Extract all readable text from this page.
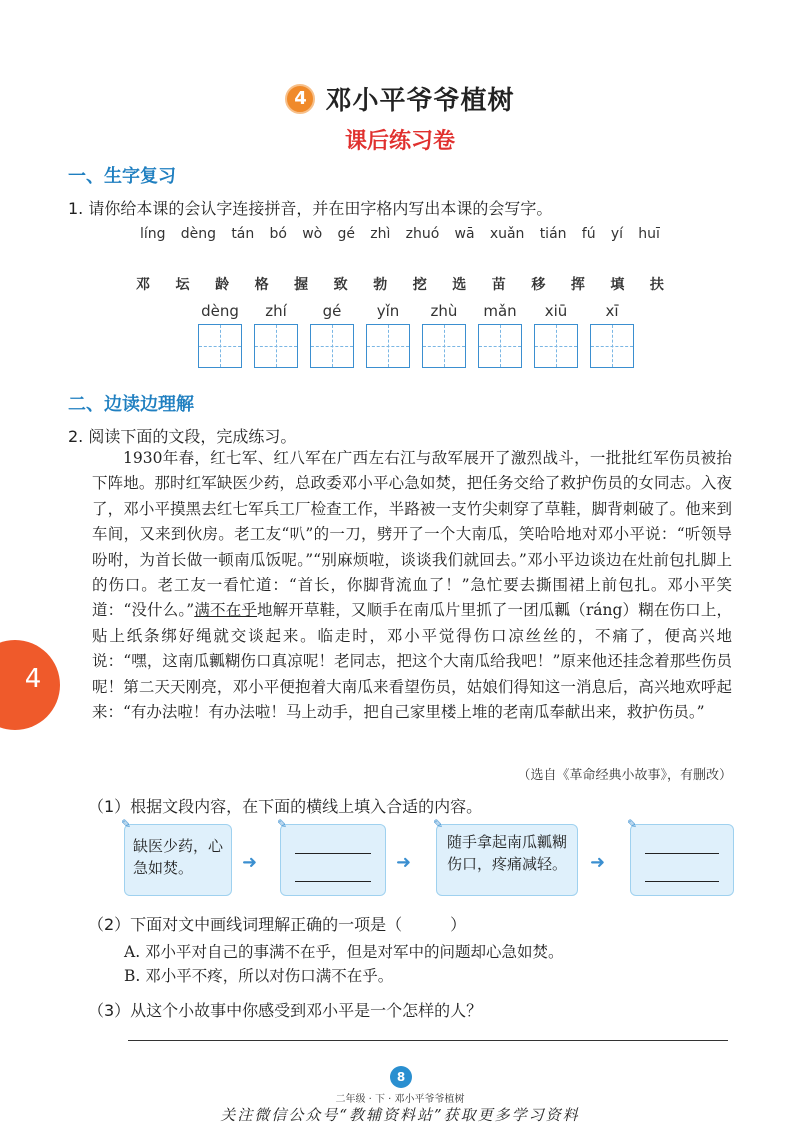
4 邓小平爷爷植树
课后练习卷
一、生字复习
1. 请你给本课的会认字连接拼音，并在田字格内写出本课的会写字。
líng dèng tán bó wò gé zhì zhuó wā xuǎn tián fú yí huī
邓 坛 龄 格 握 致 勃 挖 选 苗 移 挥 填 扶
dèng zhí gé yǐn zhù mǎn xiū	xī
二、边读边理解
2. 阅读下面的文段，完成练习。
1930年春，红七军、红八军在广西左右江与敌军展开了激烈战斗，一批批红军伤员被抬下阵地。那时红军缺医少药，总政委邓小平心急如焚，把任务交给了救护伤员的女同志。入夜了，邓小平摸黑去红七军兵工厂检查工作，半路被一支竹尖刺穿了草鞋，脚背刺破了。他来到车间，又来到伙房。老工友“叭”的一刀，劈开了一个大南瓜，笑哈哈地对邓小平说：“听领导吩咐，为首长做一顿南瓜饭呢。”“别麻烦啦，谈谈我们就回去。”邓小平边谈边在灶前包扎脚上的伤口。老工友一看忙道：“首长，你脚背流血了！”急忙要去撕围裙上前包扎。邓小平笑道：“没什么。”满不在乎地解开草鞋，又顺手在南瓜片里抓了一团瓜瓤（ráng）糊在伤口上，贴上纸条绑好绳就交谈起来。临走时，邓小平觉得伤口凉丝丝的，不痛了，便高兴地说：“嘿，这南瓜瓤糊伤口真凉呢！老同志，把这个大南瓜给我吧！”原来他还挂念着那些伤员呢！第二天天刚亮，邓小平便抱着大南瓜来看望伤员，姑娘们得知这一消息后，高兴地欢呼起来：“有办法啦！有办法啦！马上动手，把自己家里楼上堆的老南瓜奉献出来，救护伤员。”
（选自《革命经典小故事》，有删改）
（1）根据文段内容，在下面的横线上填入合适的内容。
✎
缺医少药，心急如焚。	➜
✎
➜
✎
随手拿起南瓜瓤糊伤口，疼痛减轻。	➜
✎
（2）下面对文中画线词理解正确的一项是（　　　）
A. 邓小平对自己的事满不在乎，但是对军中的问题却心急如焚。
B. 邓小平不疼，所以对伤口满不在乎。
（3）从这个小故事中你感受到邓小平是一个怎样的人？
4
8
二年级 · 下 · 邓小平爷爷植树
关注微信公众号“教辅资料站”获取更多学习资料
